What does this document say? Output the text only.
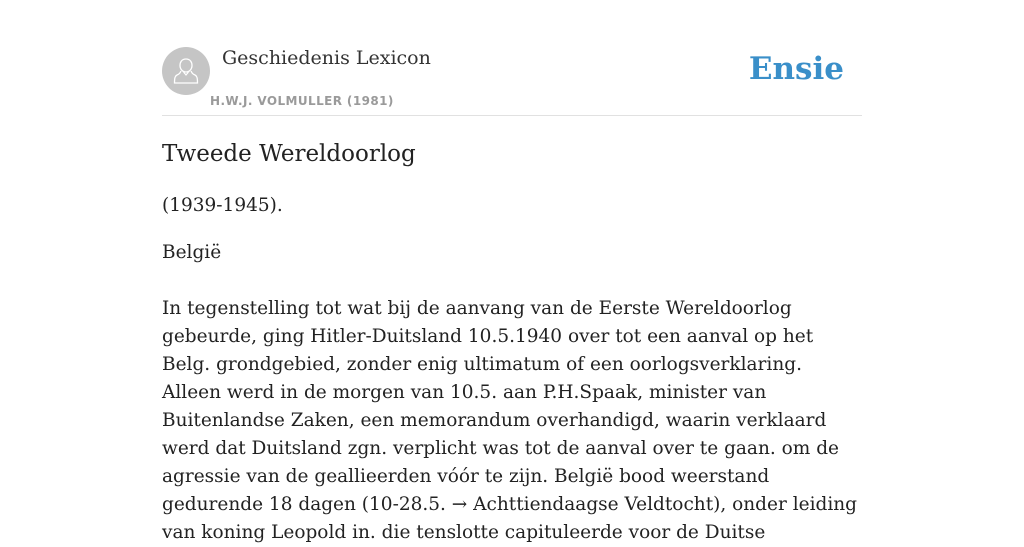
Geschiedenis Lexicon
H.W.J. VOLMULLER (1981)
Ensie
Tweede Wereldoorlog

(1939-1945).

België

In tegenstelling tot wat bij de aanvang van de Eerste Wereldoorlog gebeurde, ging Hitler-Duitsland 10.5.1940 over tot een aanval op het Belg. grondgebied, zonder enig ultimatum of een oorlogsverklaring. Alleen werd in de morgen van 10.5. aan P.H.Spaak, minister van Buitenlandse Zaken, een memorandum overhandigd, waarin verklaard werd dat Duitsland zgn. verplicht was tot de aanval over te gaan. om de agressie van de geallieerden vóór te zijn. België bood weerstand gedurende 18 dagen (10-28.5. → Achttiendaagse Veldtocht), onder leiding van koning Leopold in. die tenslotte capituleerde voor de Duitse
